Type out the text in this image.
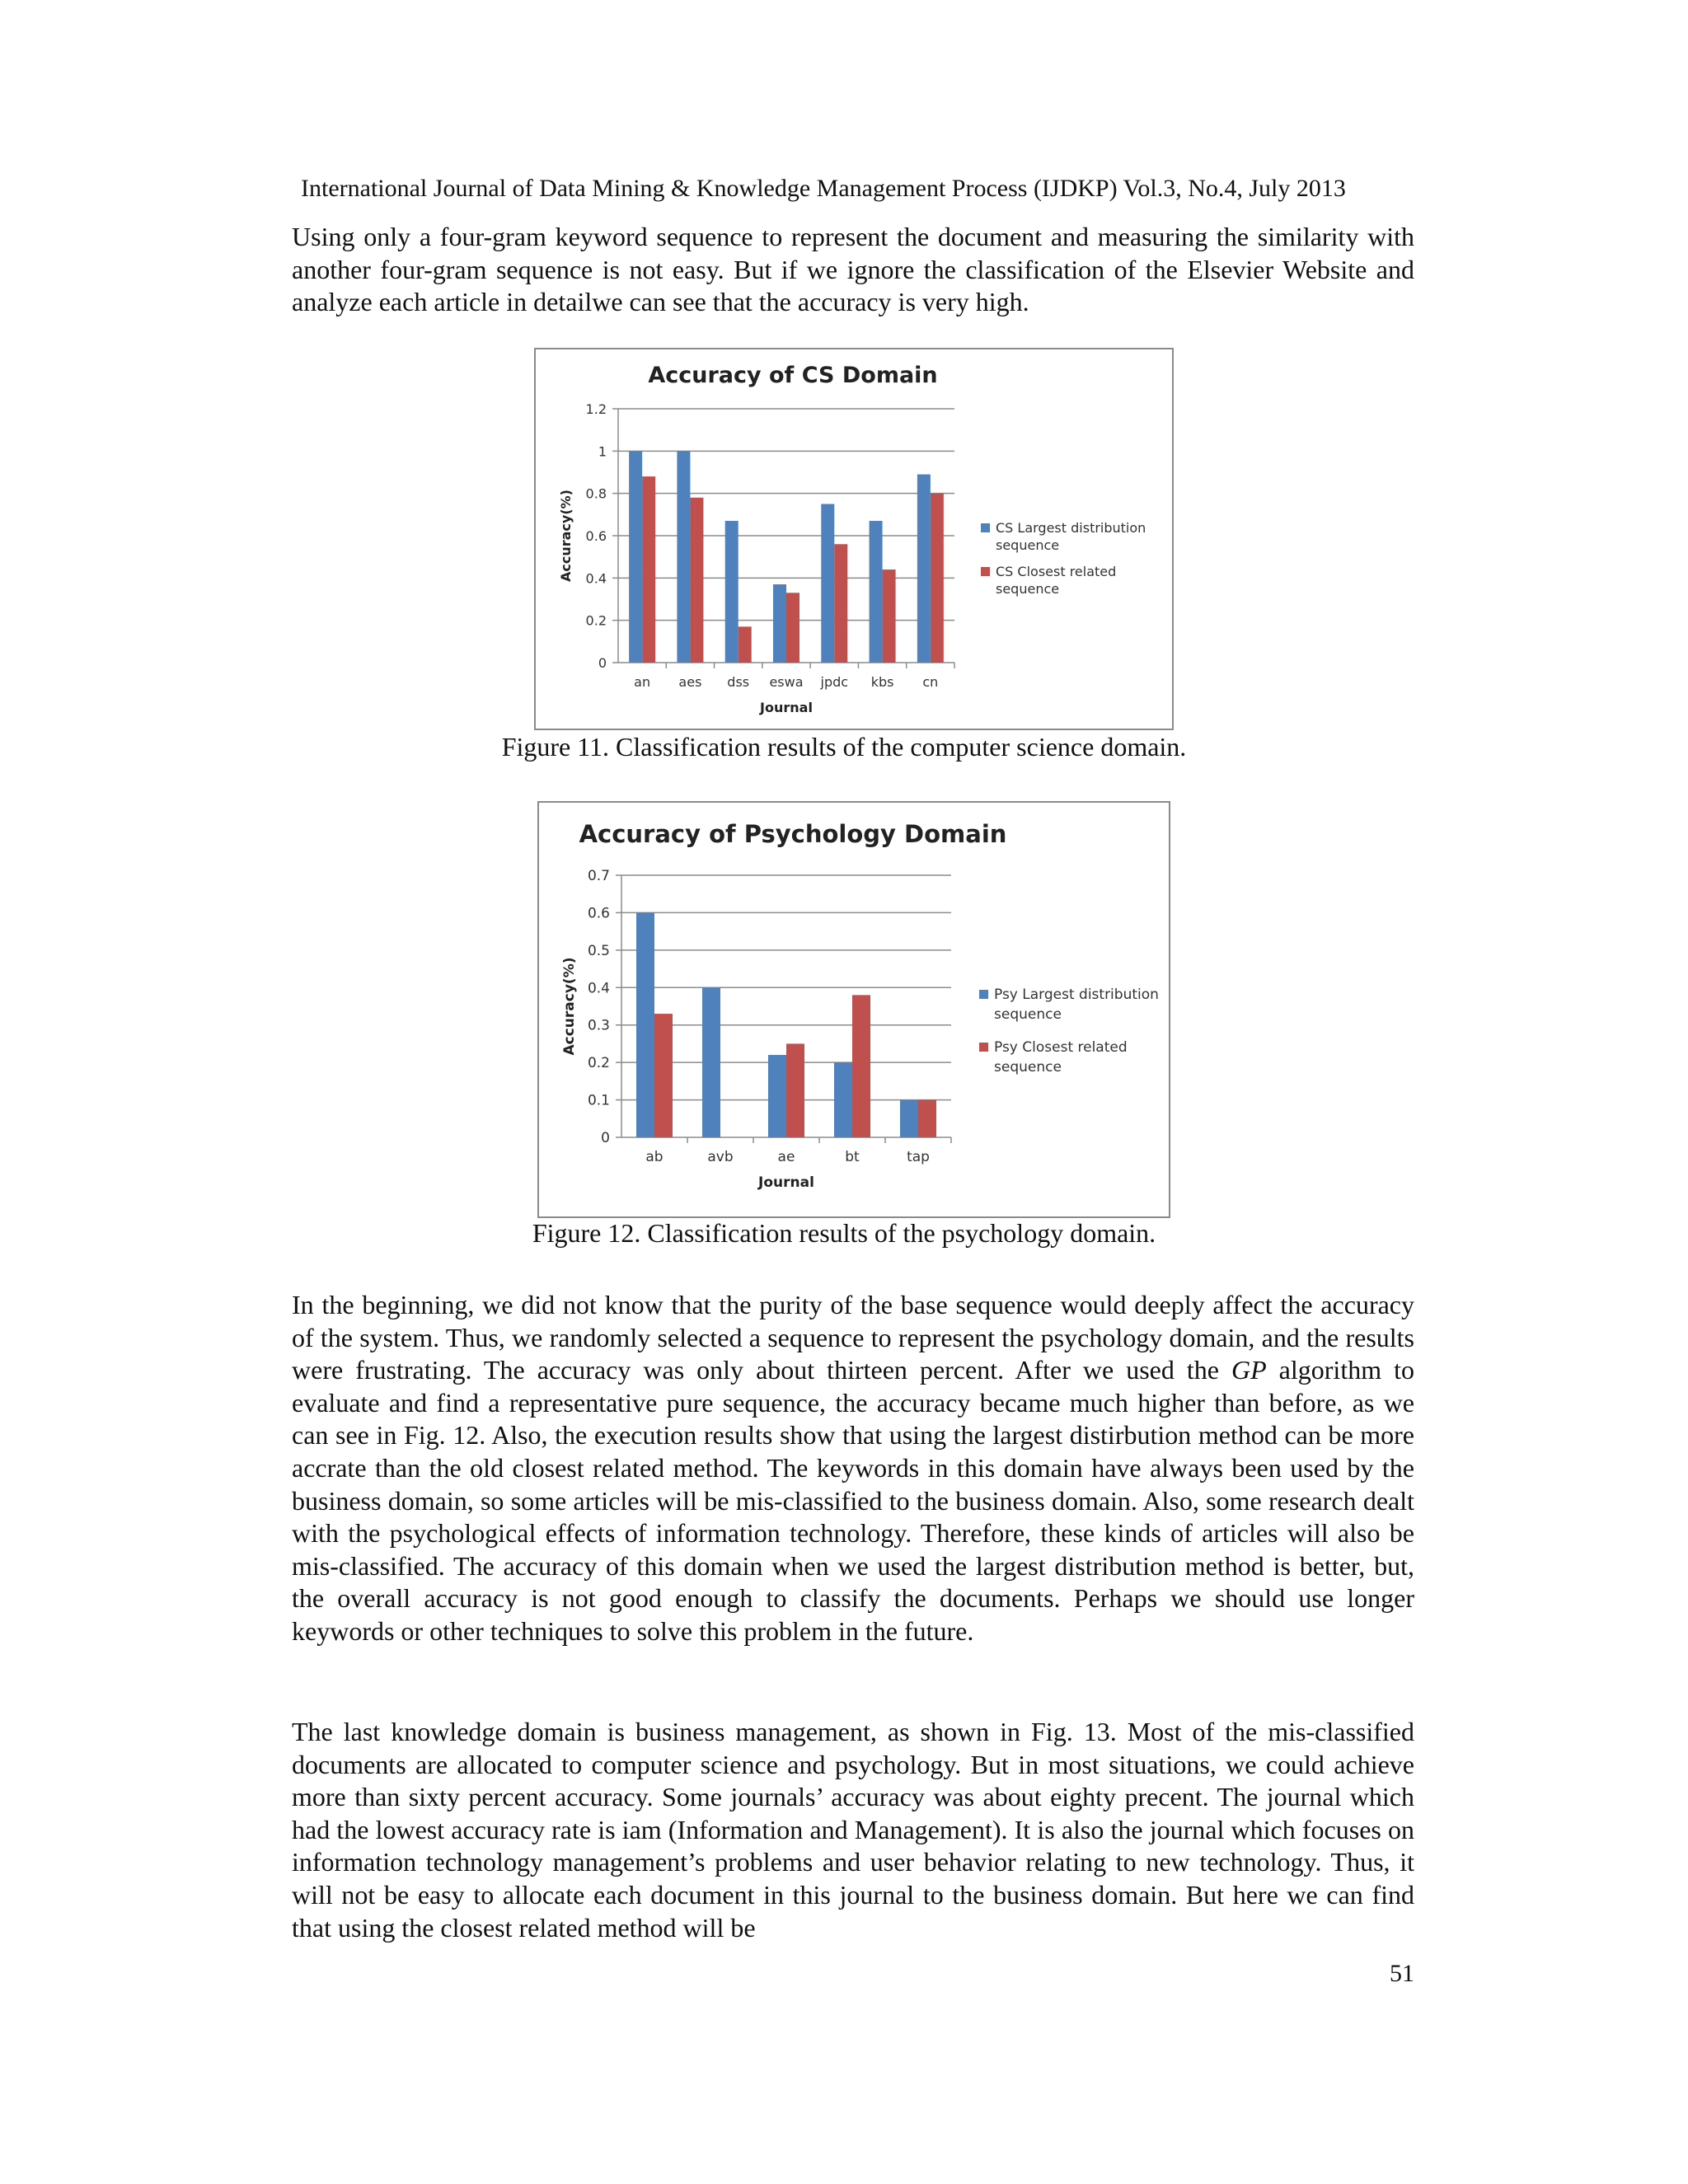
International Journal of Data Mining & Knowledge Management Process (IJDKP) Vol.3, No.4, July 2013

Using only a four-gram keyword sequence to represent the document and measuring the similarity with another four-gram sequence is not easy. But if we ignore the classification of the Elsevier Website and analyze each article in detailwe can see that the accuracy is very high.

Accuracy of CS Domain
0
0.2
0.4
0.6
0.8
1
1.2
an aes dss eswa jpdc kbs cn
Journal
Accuracy(%)	CS Largest distribution
sequence
CS Closest related
sequence
Figure 11. Classification results of the computer science domain.
Accuracy of Psychology Domain
0
0.1
0.2
0.3
0.4
0.5
0.6
0.7
ab	avb	ae	bt	tap
Journal
Accuracy(%)	Psy Largest distribution
sequence
Psy Closest related
sequence
Figure 12. Classification results of the psychology domain.

In the beginning, we did not know that the purity of the base sequence would deeply affect the accuracy of the system. Thus, we randomly selected a sequence to represent the psychology domain, and the results were frustrating. The accuracy was only about thirteen percent. After we used the GP algorithm to evaluate and find a representative pure sequence, the accuracy became much higher than before, as we can see in Fig. 12. Also, the execution results show that using the largest distirbution method can be more accrate than the old closest related method. The keywords in this domain have always been used by the business domain, so some articles will be mis-classified to the business domain. Also, some research dealt with the psychological effects of information technology. Therefore, these kinds of articles will also be mis-classified. The accuracy of this domain when we used the largest distribution method is better, but, the overall accuracy is not good enough to classify the documents. Perhaps we should use longer keywords or other techniques to solve this problem in the future.

The last knowledge domain is business management, as shown in Fig. 13. Most of the mis-classified documents are allocated to computer science and psychology. But in most situations, we could achieve more than sixty percent accuracy. Some journals’ accuracy was about eighty precent. The journal which had the lowest accuracy rate is iam (Information and Management). It is also the journal which focuses on information technology management’s problems and user behavior relating to new technology. Thus, it will not be easy to allocate each document in this journal to the business domain. But here we can find that using the closest related method will be

51
